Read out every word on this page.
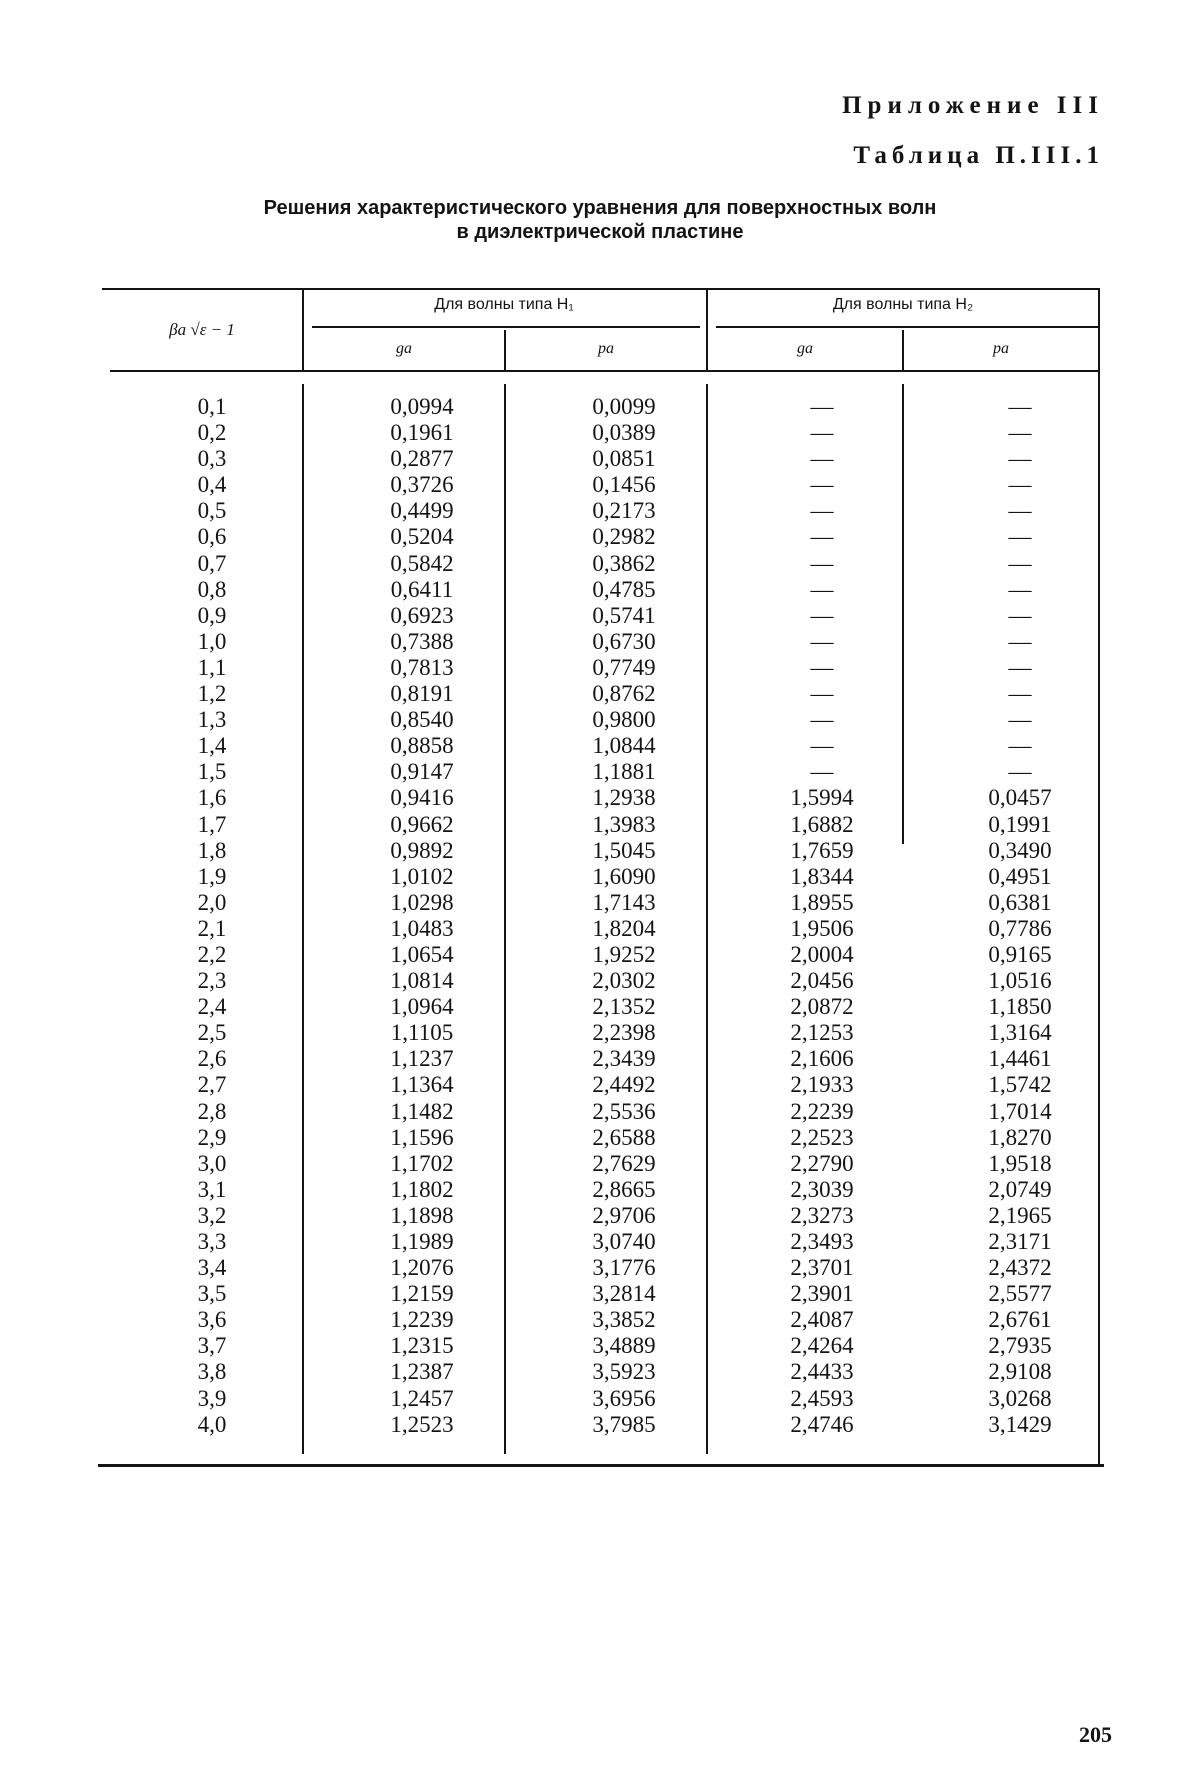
Приложение III
Таблица П.III.1
Решения характеристического уравнения для поверхностных волн
в диэлектрической пластине
βa √ε − 1
Для волны типа H₁	Для волны типа H₂
ga	pa	ga	pa
0,1	0,0994	0,0099	—	—
0,2	0,1961	0,0389	—	—
0,3	0,2877	0,0851	—	—
0,4	0,3726	0,1456	—	—
0,5	0,4499	0,2173	—	—
0,6	0,5204	0,2982	—	—
0,7	0,5842	0,3862	—	—
0,8	0,6411	0,4785	—	—
0,9	0,6923	0,5741	—	—
1,0	0,7388	0,6730	—	—
1,1	0,7813	0,7749	—	—
1,2	0,8191	0,8762	—	—
1,3	0,8540	0,9800	—	—
1,4	0,8858	1,0844	—	—
1,5	0,9147	1,1881	—	—
1,6	0,9416	1,2938	1,5994	0,0457
1,7	0,9662	1,3983	1,6882	0,1991
1,8	0,9892	1,5045	1,7659	0,3490
1,9	1,0102	1,6090	1,8344	0,4951
2,0	1,0298	1,7143	1,8955	0,6381
2,1	1,0483	1,8204	1,9506	0,7786
2,2	1,0654	1,9252	2,0004	0,9165
2,3	1,0814	2,0302	2,0456	1,0516
2,4	1,0964	2,1352	2,0872	1,1850
2,5	1,1105	2,2398	2,1253	1,3164
2,6	1,1237	2,3439	2,1606	1,4461
2,7	1,1364	2,4492	2,1933	1,5742
2,8	1,1482	2,5536	2,2239	1,7014
2,9	1,1596	2,6588	2,2523	1,8270
3,0	1,1702	2,7629	2,2790	1,9518
3,1	1,1802	2,8665	2,3039	2,0749
3,2	1,1898	2,9706	2,3273	2,1965
3,3	1,1989	3,0740	2,3493	2,3171
3,4	1,2076	3,1776	2,3701	2,4372
3,5	1,2159	3,2814	2,3901	2,5577
3,6	1,2239	3,3852	2,4087	2,6761
3,7	1,2315	3,4889	2,4264	2,7935
3,8	1,2387	3,5923	2,4433	2,9108
3,9	1,2457	3,6956	2,4593	3,0268
4,0	1,2523	3,7985	2,4746	3,1429
205
